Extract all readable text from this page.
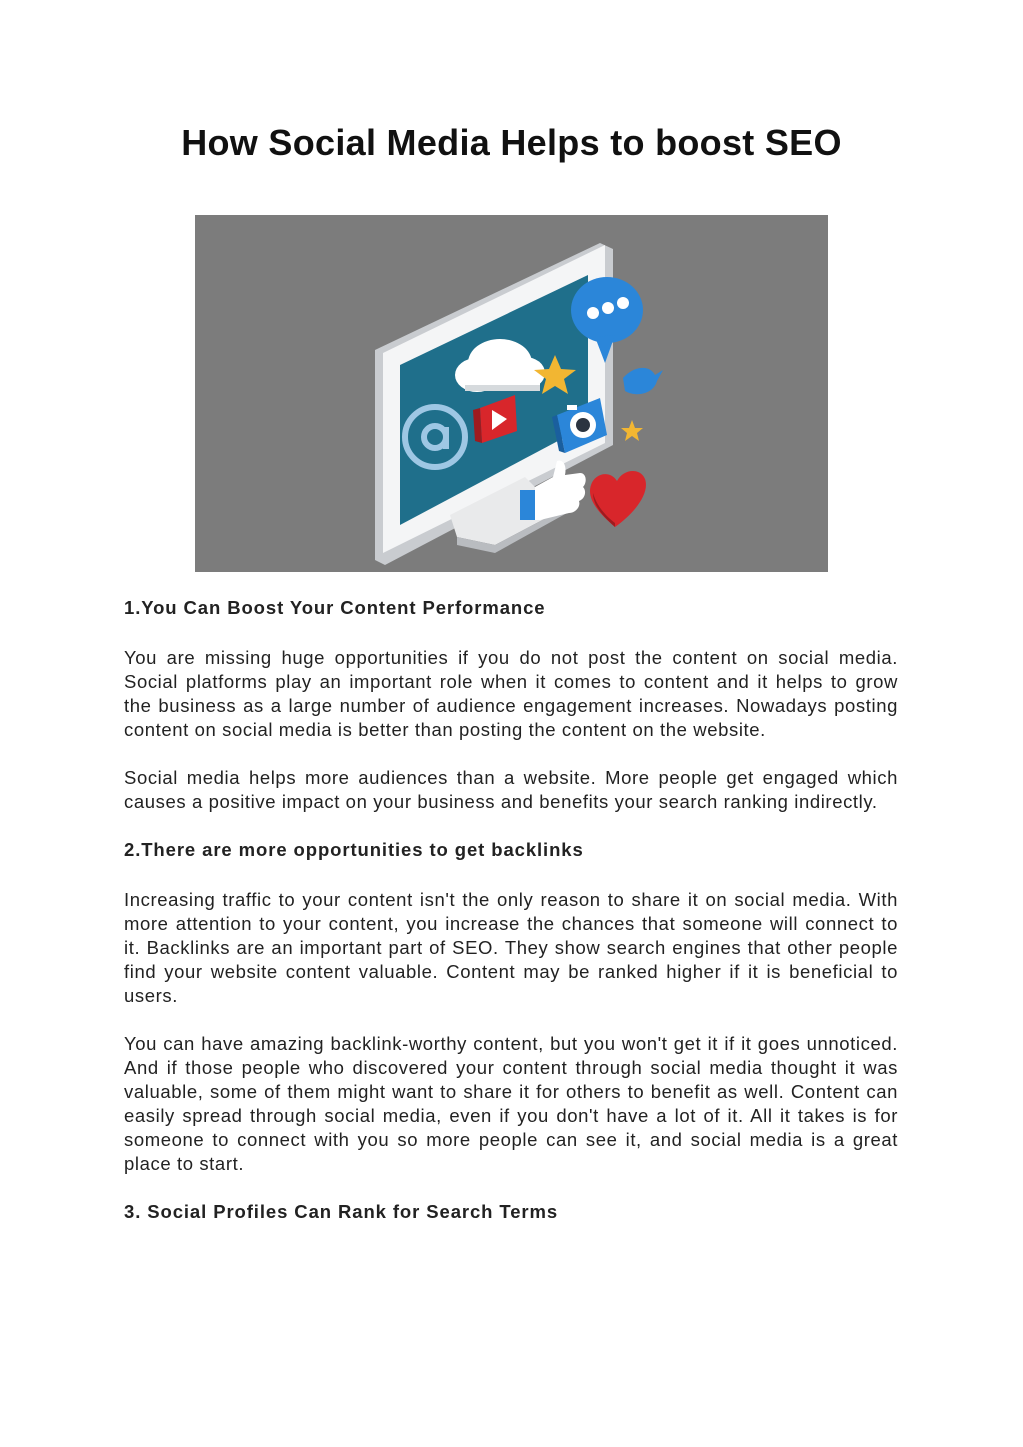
How Social Media Helps to boost SEO
1.You Can Boost Your Content Performance

You are missing huge opportunities if you do not post the content on social media. Social platforms play an important role when it comes to content and it helps to grow the business as a large number of audience engagement increases. Nowadays posting content on social media is better than posting the content on the website.

Social media helps more audiences than a website. More people get engaged which causes a positive impact on your business and benefits your search ranking indirectly.

2.There are more opportunities to get backlinks

Increasing traffic to your content isn't the only reason to share it on social media. With more attention to your content, you increase the chances that someone will connect to it. Backlinks are an important part of SEO. They show search engines that other people find your website content valuable. Content may be ranked higher if it is beneficial to users.

You can have amazing backlink-worthy content, but you won't get it if it goes unnoticed. And if those people who discovered your content through social media thought it was valuable, some of them might want to share it for others to benefit as well. Content can easily spread through social media, even if you don't have a lot of it. All it takes is for someone to connect with you so more people can see it, and social media is a great place to start.

3. Social Profiles Can Rank for Search Terms
